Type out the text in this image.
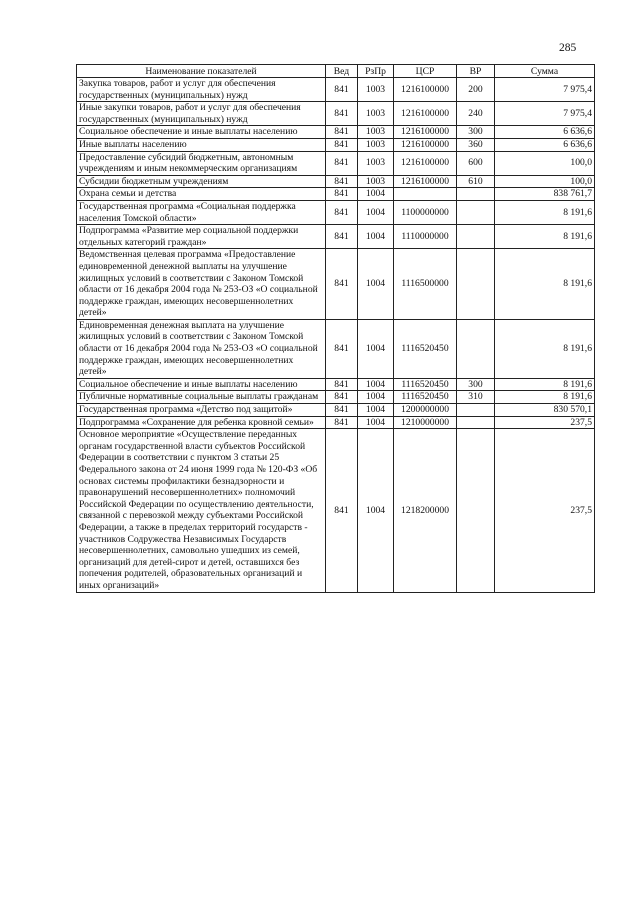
285
Наименование показателей	Вед	РзПр	ЦСР	ВР	Сумма
Закупка товаров, работ и услуг для обеспечения государственных (муниципальных) нужд	841	1003	1216100000	200	7 975,4
Иные закупки товаров, работ и услуг для обеспечения государственных (муниципальных) нужд	841	1003	1216100000	240	7 975,4
Социальное обеспечение и иные выплаты населению	841	1003	1216100000	300	6 636,6
Иные выплаты населению	841	1003	1216100000	360	6 636,6
Предоставление субсидий бюджетным, автономным учреждениям и иным некоммерческим организациям	841	1003	1216100000	600	100,0
Субсидии бюджетным учреждениям	841	1003	1216100000	610	100,0
Охрана семьи и детства	841	1004			838 761,7
Государственная программа «Социальная поддержка населения Томской области»	841	1004	1100000000		8 191,6
Подпрограмма «Развитие мер социальной поддержки отдельных категорий граждан»	841	1004	1110000000		8 191,6
Ведомственная целевая программа «Предоставление единовременной денежной выплаты на улучшение жилищных условий в соответствии с Законом Томской области от 16 декабря 2004 года № 253-ОЗ «О социальной поддержке граждан, имеющих несовершеннолетних детей»	841	1004	1116500000		8 191,6
Единовременная денежная выплата на улучшение жилищных условий в соответствии с Законом Томской области от 16 декабря 2004 года № 253-ОЗ «О социальной поддержке граждан, имеющих несовершеннолетних детей»	841	1004	1116520450		8 191,6
Социальное обеспечение и иные выплаты населению	841	1004	1116520450	300	8 191,6
Публичные нормативные социальные выплаты гражданам	841	1004	1116520450	310	8 191,6
Государственная программа «Детство под защитой»	841	1004	1200000000		830 570,1
Подпрограмма «Сохранение для ребенка кровной семьи»	841	1004	1210000000		237,5
Основное мероприятие «Осуществление переданных органам государственной власти субъектов Российской Федерации в соответствии с пунктом 3 статьи 25 Федерального закона от 24 июня 1999 года № 120-ФЗ «Об основах системы профилактики безнадзорности и правонарушений несовершеннолетних» полномочий Российской Федерации по осуществлению деятельности, связанной с перевозкой между субъектами Российской Федерации, а также в пределах территорий государств - участников Содружества Независимых Государств несовершеннолетних, самовольно ушедших из семей, организаций для детей-сирот и детей, оставшихся без попечения родителей, образовательных организаций и иных организаций»	841	1004	1218200000		237,5
